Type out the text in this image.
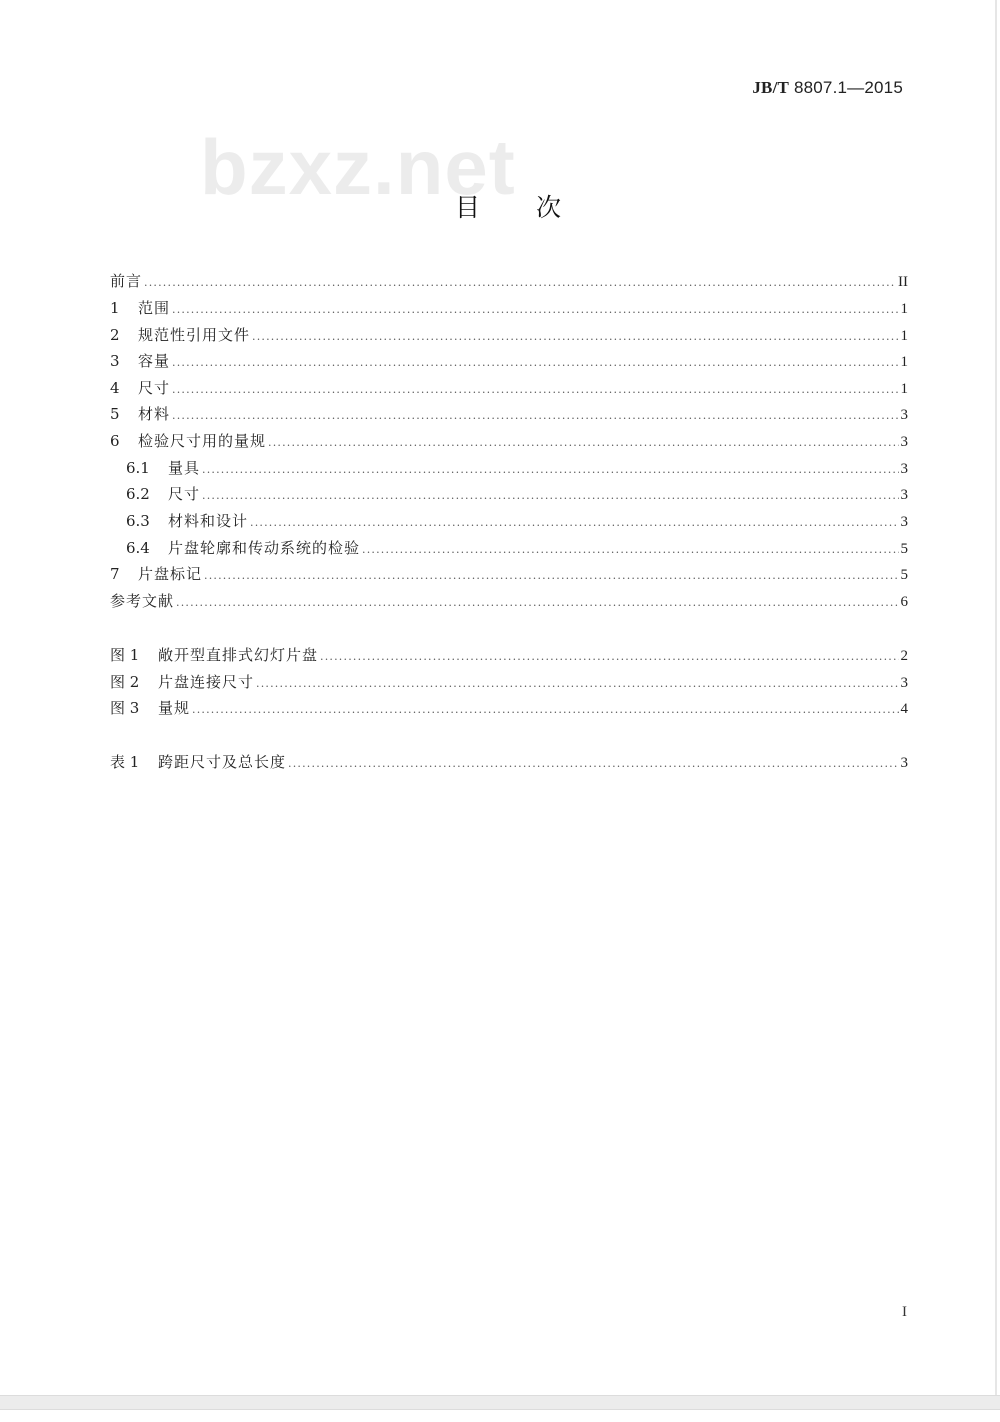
JB/T 8807.1—2015
bzxz.net
目次
前言 .....	II
1	范围 .....	1
2	规范性引用文件 .....	1
3	容量 .....	1
4	尺寸 .....	1
5	材料 .....	3
6	检验尺寸用的量规 .....	3
6.1	量具 .....	3
6.2	尺寸 .....	3
6.3	材料和设计 .....	3
6.4	片盘轮廓和传动系统的检验 .....	5
7	片盘标记 .....	5
参考文献 .....	6
图 1	敞开型直排式幻灯片盘 .....	2
图 2	片盘连接尺寸 .....	3
图 3	量规 .....	4
表 1	跨距尺寸及总长度 .....	3
I
